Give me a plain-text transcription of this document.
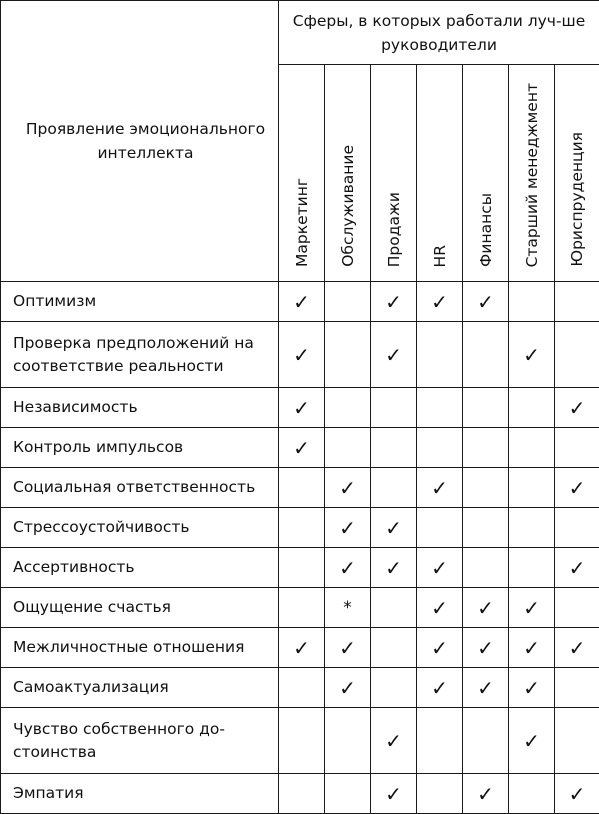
Проявление эмоционального интеллекта	Сферы, в которых работали луч-ше руководители						

	Маркетинг	Обслуживание	Продажи	HR	Финансы	Старший менеджмент	Юриспруденция

Оптимизм	✓		✓	✓	✓		
Проверка предположений на соответствие реальности	✓		✓			✓	
Независимость	✓						✓
Контроль импульсов	✓						
Социальная ответственность		✓		✓			✓
Стрессоустойчивость		✓	✓				
Ассертивность		✓	✓	✓			✓
Ощущение счастья		*		✓	✓	✓	
Межличностные отношения	✓	✓		✓	✓	✓	✓
Самоактуализация		✓		✓	✓	✓	
Чувство собственного до-стоинства			✓			✓	
Эмпатия			✓		✓		✓
